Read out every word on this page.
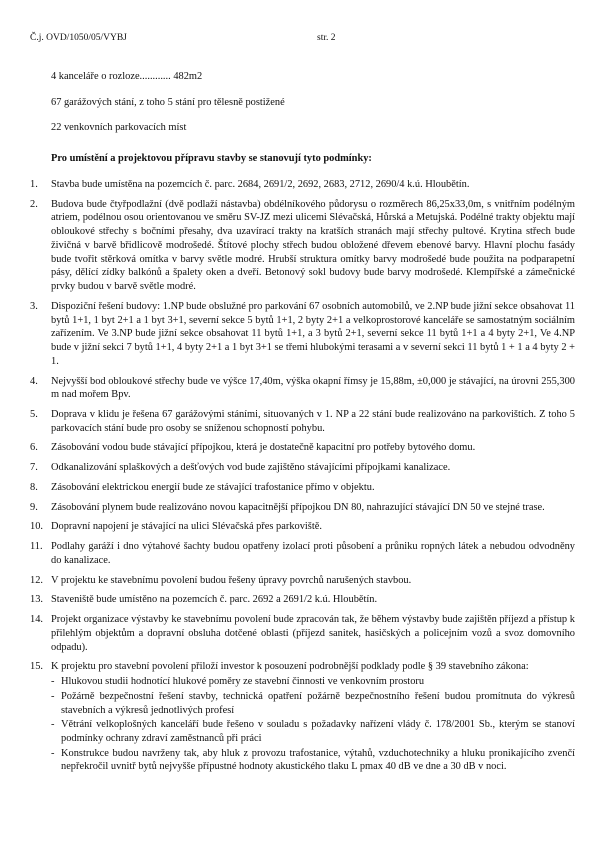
Č.j. OVD/1050/05/VYBJ	str. 2

4 kanceláře o rozloze............ 482m2

67 garážových stání, z toho 5 stání pro tělesně postižené

22 venkovních parkovacích míst

Pro umístění a projektovou přípravu stavby se stanovují tyto podmínky:

1.	Stavba bude umístěna na pozemcích č. parc. 2684, 2691/2, 2692, 2683, 2712, 2690/4 k.ú. Hloubětín.
2.	Budova bude čtyřpodlažní (dvě podlaží nástavba) obdélníkového půdorysu o rozměrech 86,25x33,0m, s vnitřním podélným atriem, podélnou osou orientovanou ve směru SV-JZ mezi ulicemi Slévačská, Hůrská a Metujská. Podélné trakty objektu mají obloukové střechy s bočními přesahy, dva uzavírací trakty na kratších stranách mají střechy pultové. Krytina střech bude živičná v barvě břidlicově modrošedé. Štítové plochy střech budou obložené dřevem ebenové barvy. Hlavní plochu fasády bude tvořit stěrková omítka v barvy světle modré. Hrubší struktura omítky barvy modrošedé bude použita na podparapetní pásy, dělící zídky balkónů a špalety oken a dveří. Betonový sokl budovy bude barvy modrošedé. Klempířské a zámečnické prvky budou v barvě světle modré.
3.	Dispoziční řešení budovy: 1.NP bude obslužné pro parkování 67 osobních automobilů, ve 2.NP bude jižní sekce obsahovat 11 bytů 1+1, 1 byt 2+1 a 1 byt 3+1, severní sekce 5 bytů 1+1, 2 byty 2+1 a velkoprostorové kanceláře se samostatným sociálním zařízením. Ve 3.NP bude jižní sekce obsahovat 11 bytů 1+1, a 3 bytů 2+1, severní sekce 11 bytů 1+1 a 4 byty 2+1, Ve 4.NP bude v jižní sekci 7 bytů 1+1, 4 byty 2+1 a 1 byt 3+1 se třemi hlubokými terasami a v severní sekci 11 bytů 1 + 1 a 4 byty 2 + 1.
4.	Nejvyšší bod obloukové střechy bude ve výšce 17,40m, výška okapní římsy je 15,88m, ±0,000 je stávající, na úrovni 255,300 m nad mořem Bpv.
5.	Doprava v klidu je řešena 67 garážovými stáními, situovaných v 1. NP a 22 stání bude realizováno na parkovištích. Z toho 5 parkovacích stání bude pro osoby se sníženou schopností pohybu.
6.	Zásobování vodou bude stávající přípojkou, která je dostatečně kapacitní pro potřeby bytového domu.
7.	Odkanalizování splaškových a dešťových vod bude zajištěno stávajícími přípojkami kanalizace.
8.	Zásobování elektrickou energií bude ze stávající trafostanice přímo v objektu.
9.	Zásobování plynem bude realizováno novou kapacitnější přípojkou DN 80, nahrazující stávající DN 50 ve stejné trase.
10. Dopravní napojení je stávající na ulici Slévačská přes parkoviště.
11. Podlahy garáží i dno výtahové šachty budou opatřeny izolací proti působení a průniku ropných látek a nebudou odvodněny do kanalizace.
12. V projektu ke stavebnímu povolení budou řešeny úpravy povrchů narušených stavbou.
13. Staveniště bude umístěno na pozemcích č. parc. 2692 a 2691/2 k.ú. Hloubětín.
14. Projekt organizace výstavby ke stavebnímu povolení bude zpracován tak, že během výstavby bude zajištěn příjezd a přístup k přilehlým objektům a dopravní obsluha dotčené oblasti (příjezd sanitek, hasičských a policejním vozů a svoz domovního odpadu).
15. K projektu pro stavební povolení přiloží investor k posouzení podrobnější podklady podle § 39 stavebního zákona:
- Hlukovou studii hodnotící hlukové poměry ze stavební činnosti ve venkovním prostoru
- Požárně bezpečnostní řešení stavby, technická opatření požárně bezpečnostního řešení budou promítnuta do výkresů stavebních a výkresů jednotlivých profesí
- Větrání velkoplošných kanceláří bude řešeno v souladu s požadavky nařízení vlády č. 178/2001 Sb., kterým se stanoví podmínky ochrany zdraví zaměstnanců při práci
- Konstrukce budou navrženy tak, aby hluk z provozu trafostanice, výtahů, vzduchotechniky a hluku pronikajícího zvenčí nepřekročil uvnitř bytů nejvyšše přípustné hodnoty akustického tlaku L pmax 40 dB ve dne a 30 dB v noci.
